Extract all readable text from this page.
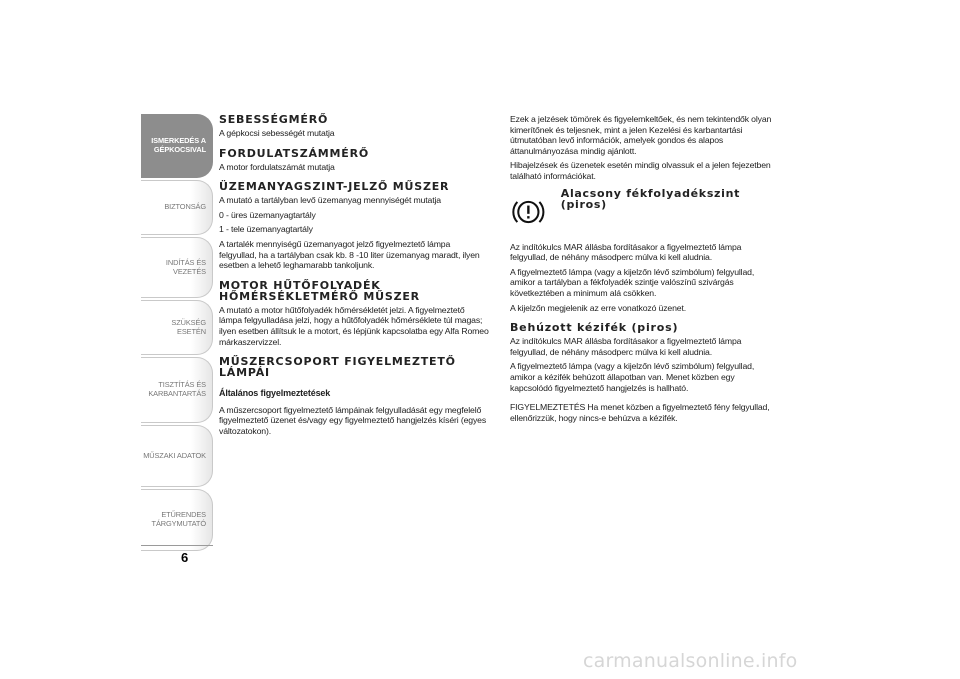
ISMERKEDÉS A GÉPKOCSIVAL
BIZTONSÁG
INDÍTÁS ÉS VEZETÉS
SZÜKSÉG ESETÉN
TISZTÍTÁS ÉS KARBANTARTÁS
MŰSZAKI ADATOK
ETŰRENDES TÁRGYMUTATÓ
6
SEBESSÉGMÉRŐ
A gépkocsi sebességét mutatja
FORDULATSZÁMMÉRŐ
A motor fordulatszámát mutatja
ÜZEMANYAGSZINT-JELZŐ MŰSZER
A mutató a tartályban levő üzemanyag mennyiségét mutatja
0 - üres üzemanyagtartály
1 - tele üzemanyagtartály
A tartalék mennyiségű üzemanyagot jelző figyelmeztető lámpa felgyullad, ha a tartályban csak kb. 8 -10 liter üzemanyag maradt, ilyen esetben a lehető leghamarabb tankoljunk.
MOTOR HŰTŐFOLYADÉK HŐMÉRSÉKLETMÉRŐ MŰSZER
A mutató a motor hűtőfolyadék hőmérsékletét jelzi. A figyelmeztető lámpa felgyulladása jelzi, hogy a hűtőfolyadék hőmérséklete túl magas; ilyen esetben állítsuk le a motort, és lépjünk kapcsolatba egy Alfa Romeo márkaszervizzel.
MŰSZERCSOPORT FIGYELMEZTETŐ LÁMPÁI
Általános figyelmeztetések
A műszercsoport figyelmeztető lámpáinak felgyulladását egy megfelelő figyelmeztető üzenet és/vagy egy figyelmeztető hangjelzés kíséri (egyes változatokon).
Ezek a jelzések tömörek és figyelemkeltőek, és nem tekintendők olyan kimerítőnek és teljesnek, mint a jelen Kezelési és karbantartási útmutatóban levő információk, amelyek gondos és alapos áttanulmányozása mindig ajánlott.
Hibajelzések és üzenetek esetén mindig olvassuk el a jelen fejezetben található információkat.
Alacsony fékfolyadékszint (piros)
Az indítókulcs MAR állásba fordításakor a figyelmeztető lámpa felgyullad, de néhány másodperc múlva ki kell aludnia.
A figyelmeztető lámpa (vagy a kijelzőn lévő szimbólum) felgyullad, amikor a tartályban a fékfolyadék szintje valószínű szivárgás következtében a minimum alá csökken.
A kijelzőn megjelenik az erre vonatkozó üzenet.
Behúzott kézifék (piros)
Az indítókulcs MAR állásba fordításakor a figyelmeztető lámpa felgyullad, de néhány másodperc múlva ki kell aludnia.
A figyelmeztető lámpa (vagy a kijelzőn lévő szimbólum) felgyullad, amikor a kézifék behúzott állapotban van. Menet közben egy kapcsolódó figyelmeztető hangjelzés is hallható.
FIGYELMEZTETÉS Ha menet közben a figyelmeztető fény felgyullad, ellenőrizzük, hogy nincs-e behúzva a kézifék.
carmanualsonline.info
